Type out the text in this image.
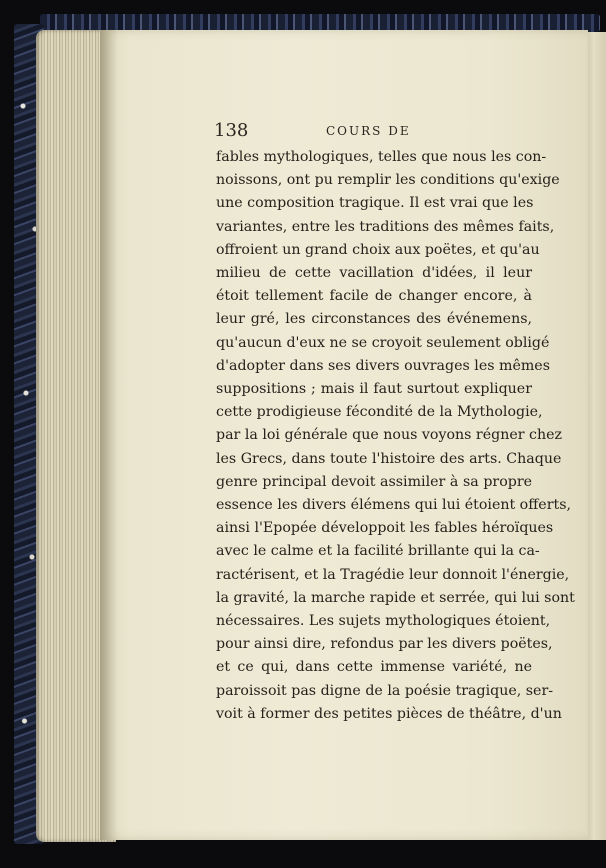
138	COURS DE
fables mythologiques, telles que nous les con-
noissons, ont pu remplir les conditions qu'exige
une composition tragique. Il est vrai que les
variantes, entre les traditions des mêmes faits,
offroient un grand choix aux poëtes, et qu'au
milieu de cette vacillation d'idées, il leur
étoit tellement facile de changer encore, à
leur gré, les circonstances des événemens,
qu'aucun d'eux ne se croyoit seulement obligé
d'adopter dans ses divers ouvrages les mêmes
suppositions ; mais il faut surtout expliquer
cette prodigieuse fécondité de la Mythologie,
par la loi générale que nous voyons régner chez
les Grecs, dans toute l'histoire des arts. Chaque
genre principal devoit assimiler à sa propre
essence les divers élémens qui lui étoient offerts,
ainsi l'Epopée développoit les fables héroïques
avec le calme et la facilité brillante qui la ca-
ractérisent, et la Tragédie leur donnoit l'énergie,
la gravité, la marche rapide et serrée, qui lui sont
nécessaires. Les sujets mythologiques étoient,
pour ainsi dire, refondus par les divers poëtes,
et ce qui, dans cette immense variété, ne
paroissoit pas digne de la poésie tragique, ser-
voit à former des petites pièces de théâtre, d'un
